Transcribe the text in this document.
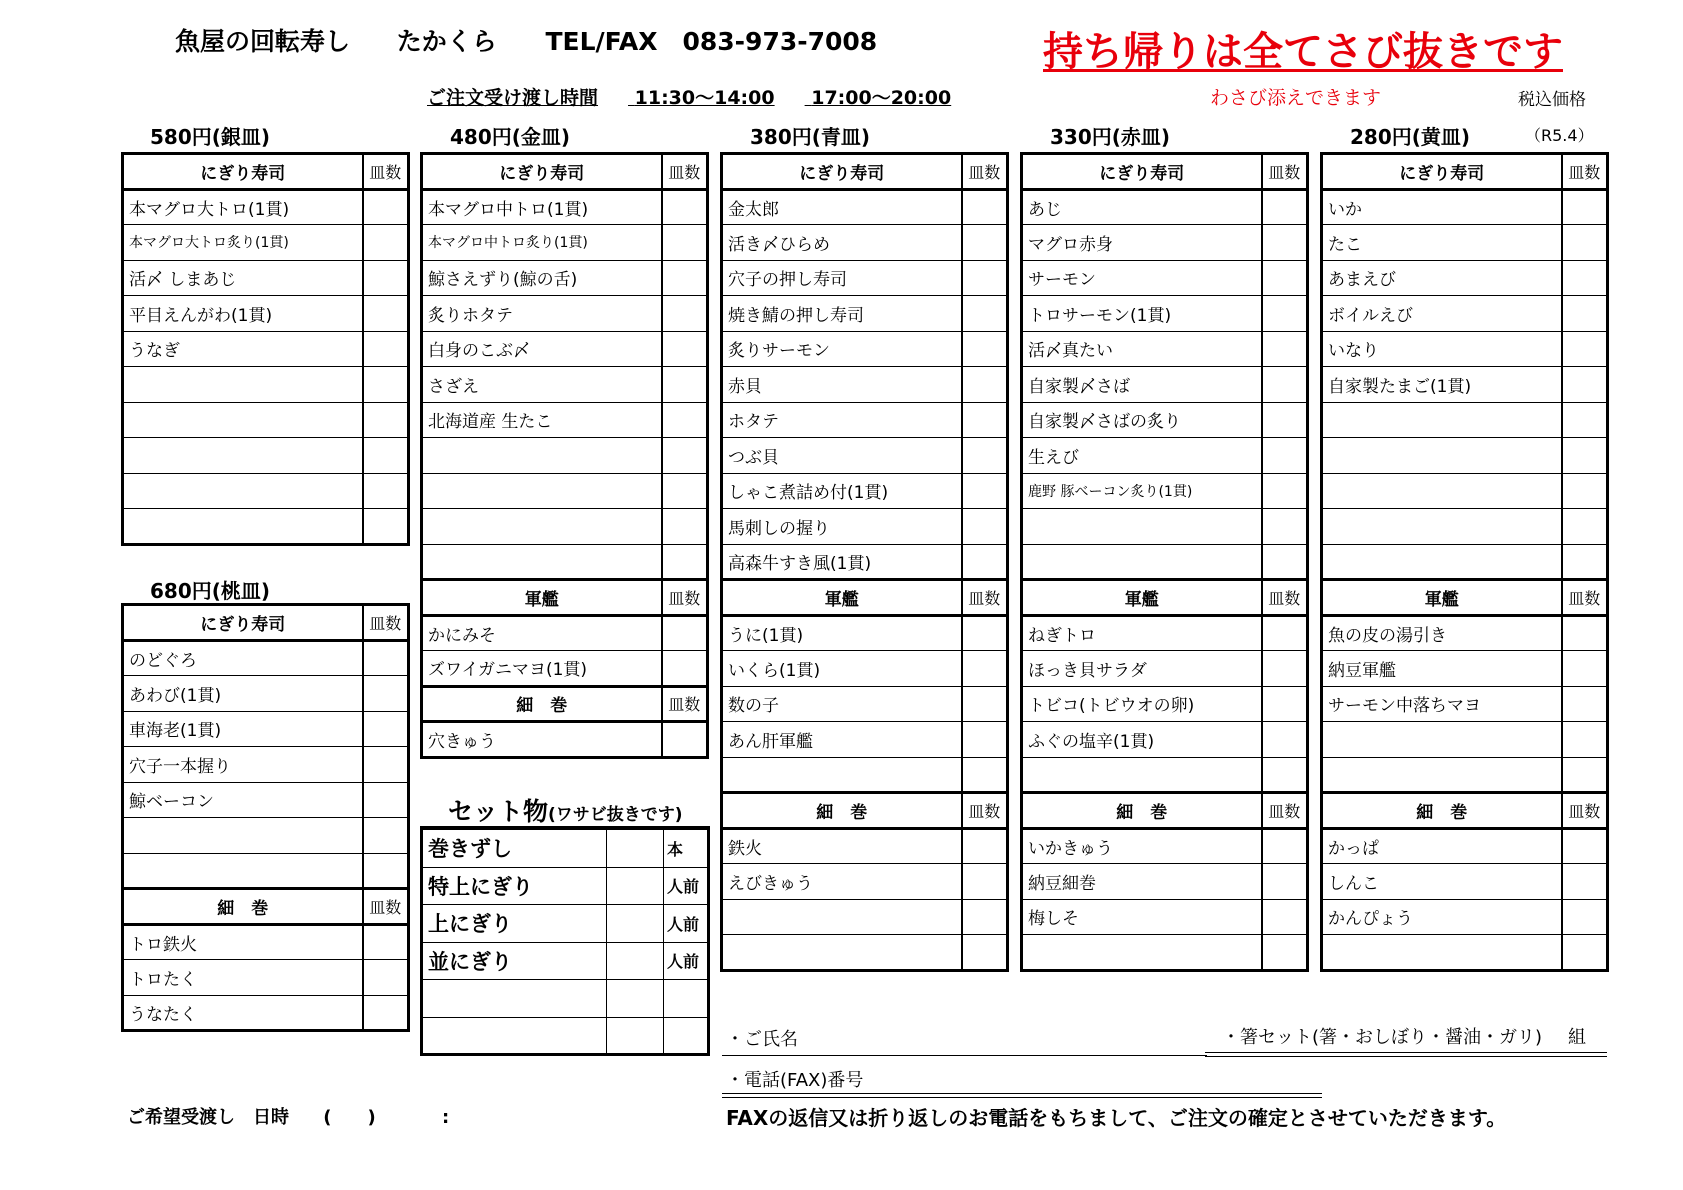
魚屋の回転寿し たかくら TEL/FAX　083-973-7008	持ち帰りは全てさび抜きです
ご注文受け渡し時間 11:30～14:00 17:00～20:00	わさび添えできます	税込価格
（R5.4）
580円(銀皿)
680円(桃皿)
480円(金皿)	380円(青皿)	330円(赤皿)	280円(黄皿)
にぎり寿司	皿数
本マグロ大トロ(1貫)	
本マグロ大トロ炙り(1貫)	
活〆 しまあじ	
平目えんがわ(1貫)	
うなぎ	

にぎり寿司	皿数
のどぐろ	
あわび(1貫)	
車海老(1貫)	
穴子一本握り	
鯨ベーコン	

細　巻	皿数
トロ鉄火	
トロたく	
うなたく	
にぎり寿司	皿数
本マグロ中トロ(1貫)	
本マグロ中トロ炙り(1貫)	
鯨さえずり(鯨の舌)	
炙りホタテ	
白身のこぶ〆	
さざえ	
北海道産 生たこ	

軍艦	皿数
かにみそ	
ズワイガニマヨ(1貫)	
細　巻	皿数
穴きゅう	
にぎり寿司	皿数
金太郎	
活き〆ひらめ	
穴子の押し寿司	
焼き鯖の押し寿司	
炙りサーモン	
赤貝	
ホタテ	
つぶ貝	
しゃこ煮詰め付(1貫)	
馬刺しの握り	
高森牛すき風(1貫)	
軍艦	皿数
うに(1貫)	
いくら(1貫)	
数の子	
あん肝軍艦	

細　巻	皿数
鉄火	
えびきゅう	

にぎり寿司	皿数
あじ	
マグロ赤身	
サーモン	
トロサーモン(1貫)	
活〆真たい	
自家製〆さば	
自家製〆さばの炙り	
生えび	
鹿野 豚ベーコン炙り(1貫)	

軍艦	皿数
ねぎトロ	
ほっき貝サラダ	
トビコ(トビウオの卵)	
ふぐの塩辛(1貫)	

細　巻	皿数
いかきゅう	
納豆細巻	
梅しそ	

にぎり寿司	皿数
いか	
たこ	
あまえび	
ボイルえび	
いなり	
自家製たまご(1貫)	

軍艦	皿数
魚の皮の湯引き	
納豆軍艦	
サーモン中落ちマヨ	

細　巻	皿数
かっぱ	
しんこ	
かんぴょう	

セット物(ワサビ抜きです)
巻きずし		本
特上にぎり		人前
上にぎり		人前
並にぎり		人前

・ご氏名	・箸セット(箸・おしぼり・醤油・ガリ) 組
・電話(FAX)番号
FAXの返信又は折り返しのお電話をもちまして、ご注文の確定とさせていただきます。
ご希望受渡し　日時 (　　)	:
